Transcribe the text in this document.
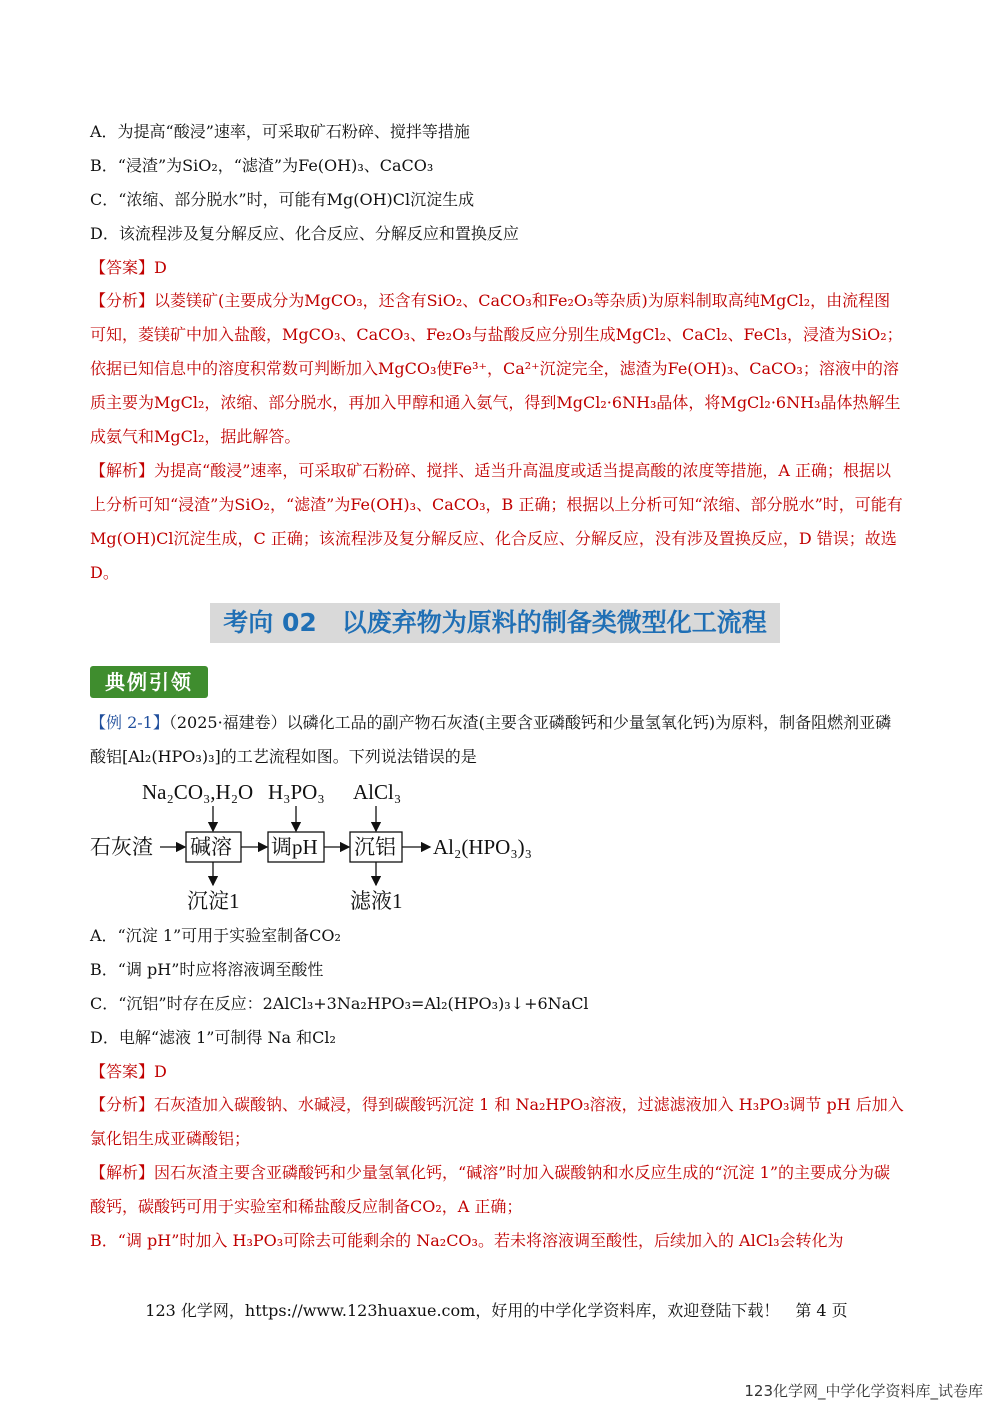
A．为提高“酸浸”速率，可采取矿石粉碎、搅拌等措施
B．“浸渣”为SiO₂，“滤渣”为Fe(OH)₃、CaCO₃
C．“浓缩、部分脱水”时，可能有Mg(OH)Cl沉淀生成
D．该流程涉及复分解反应、化合反应、分解反应和置换反应
【答案】D

【分析】以菱镁矿(主要成分为MgCO₃，还含有SiO₂、CaCO₃和Fe₂O₃等杂质)为原料制取高纯MgCl₂，由流程图可知，菱镁矿中加入盐酸，MgCO₃、CaCO₃、Fe₂O₃与盐酸反应分别生成MgCl₂、CaCl₂、FeCl₃，浸渣为SiO₂；依据已知信息中的溶度积常数可判断加入MgCO₃使Fe³⁺，Ca²⁺沉淀完全，滤渣为Fe(OH)₃、CaCO₃；溶液中的溶质主要为MgCl₂，浓缩、部分脱水，再加入甲醇和通入氨气，得到MgCl₂·6NH₃晶体，将MgCl₂·6NH₃晶体热解生成氨气和MgCl₂，据此解答。

【解析】为提高“酸浸”速率，可采取矿石粉碎、搅拌、适当升高温度或适当提高酸的浓度等措施，A 正确；根据以上分析可知“浸渣”为SiO₂，“滤渣”为Fe(OH)₃、CaCO₃，B 正确；根据以上分析可知“浓缩、部分脱水”时，可能有Mg(OH)Cl沉淀生成，C 正确；该流程涉及复分解反应、化合反应、分解反应，没有涉及置换反应，D 错误；故选 D。

考向 02　以废弃物为原料的制备类微型化工流程
典例引领

【例 2-1】（2025·福建卷）以磷化工品的副产物石灰渣(主要含亚磷酸钙和少量氢氧化钙)为原料，制备阻燃剂亚磷酸铝[Al₂(HPO₃)₃]的工艺流程如图。下列说法错误的是

Na₂CO₃,H₂O H₃PO₃ AlCl₃
石灰渣	Al₂(HPO₃)₃
沉淀1	滤液1
碱溶 调pH 沉铝
A．“沉淀 1”可用于实验室制备CO₂
B．“调 pH”时应将溶液调至酸性
C．“沉铝”时存在反应：2AlCl₃+3Na₂HPO₃=Al₂(HPO₃)₃↓+6NaCl
D．电解“滤液 1”可制得 Na 和Cl₂
【答案】D

【分析】石灰渣加入碳酸钠、水碱浸，得到碳酸钙沉淀 1 和 Na₂HPO₃溶液，过滤滤液加入 H₃PO₃调节 pH 后加入氯化铝生成亚磷酸铝；

【解析】因石灰渣主要含亚磷酸钙和少量氢氧化钙，“碱溶”时加入碳酸钠和水反应生成的“沉淀 1”的主要成分为碳酸钙，碳酸钙可用于实验室和稀盐酸反应制备CO₂，A 正确；

B．“调 pH”时加入 H₃PO₃可除去可能剩余的 Na₂CO₃。若未将溶液调至酸性，后续加入的 AlCl₃会转化为

123 化学网，https://www.123huaxue.com，好用的中学化学资料库，欢迎登陆下载！　第 4 页
123化学网_中学化学资料库_试卷库
